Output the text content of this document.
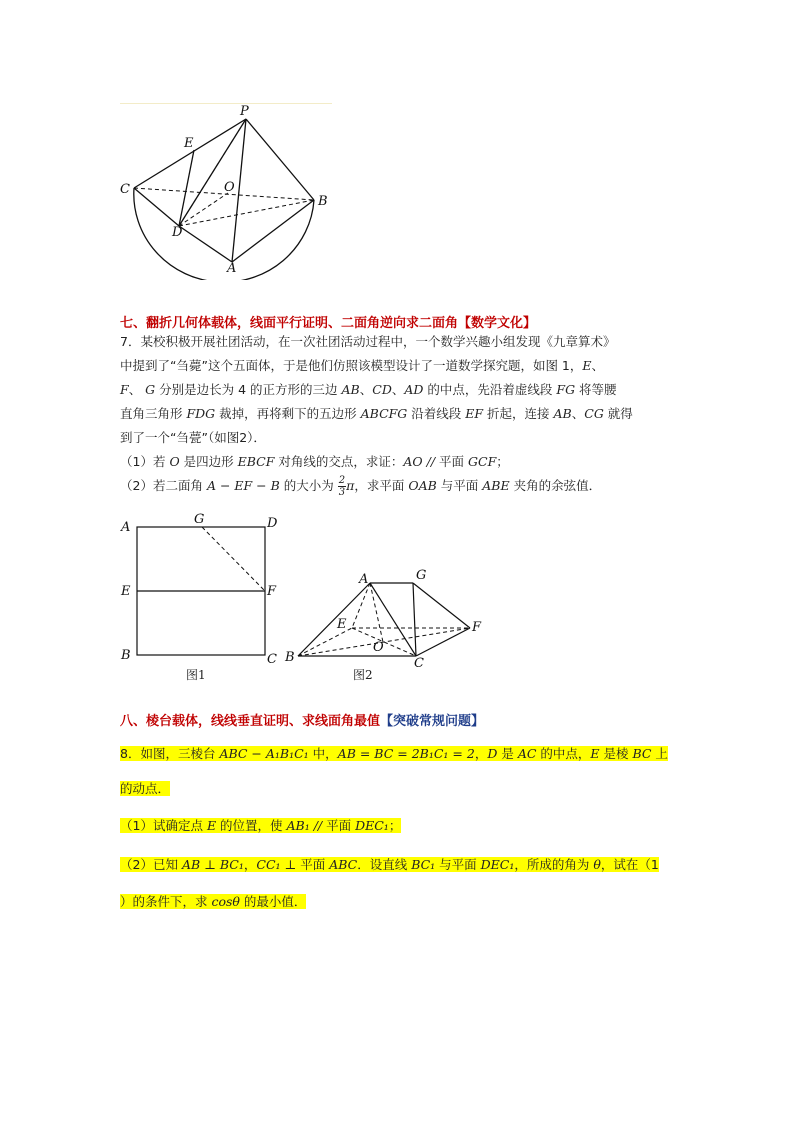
P
E
C	O
B
D
A
七、翻折几何体载体，线面平行证明、二面角逆向求二面角【数学文化】
7．某校积极开展社团活动，在一次社团活动过程中，一个数学兴趣小组发现《九章算术》
中提到了“刍薨”这个五面体，于是他们仿照该模型设计了一道数学探究题，如图 1，E、
F、 G 分别是边长为 4 的正方形的三边 AB、CD、AD 的中点，先沿着虚线段 FG 将等腰
直角三角形 FDG 裁掉，再将剩下的五边形 ABCFG 沿着线段 EF 折起，连接 AB、CG 就得
到了一个“刍甍”（如图2）．
（1）若 O 是四边形 EBCF 对角线的交点，求证：AO // 平面 GCF；
（2）若二面角 A − EF − B 的大小为 $\frac{2}{3}$ π，求平面 OAB 与平面 ABE 夹角的余弦值．
A
G	D
E	F
B	C
图1
A	G
E	F
O
B	C
图2
八、棱台载体，线线垂直证明、求线面角最值【突破常规问题】
8．如图，三棱台 ABC − A₁B₁C₁ 中，AB = BC = 2B₁C₁ = 2，D 是 AC 的中点，E 是棱 BC 上
的动点．
（1）试确定点 E 的位置，使 AB₁ // 平面 DEC₁；
（2）已知 AB ⊥ BC₁，CC₁ ⊥ 平面 ABC．设直线 BC₁ 与平面 DEC₁，所成的角为 θ，试在（1
）的条件下，求 cosθ 的最小值．
